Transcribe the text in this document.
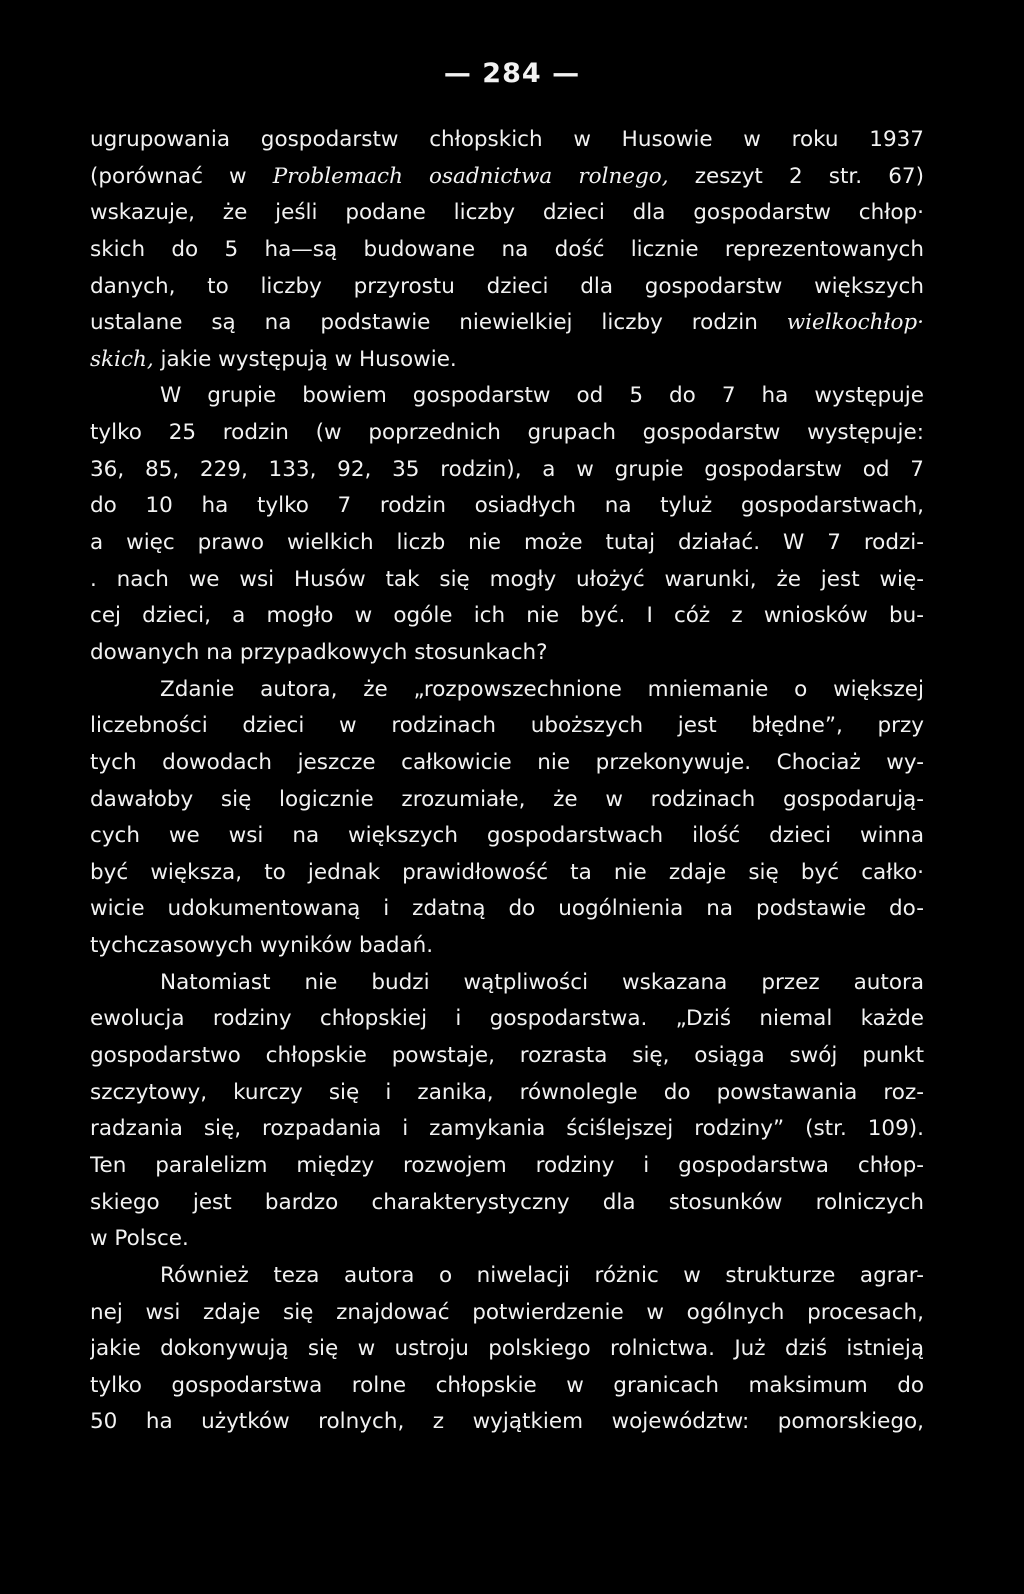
— 284 —
ugrupowania gospodarstw chłopskich w Husowie w roku 1937
(porównać w Problemach osadnictwa rolnego, zeszyt 2 str. 67)
wskazuje, że jeśli podane liczby dzieci dla gospodarstw chłop·
skich do 5 ha—są budowane na dość licznie reprezentowanych
danych, to liczby przyrostu dzieci dla gospodarstw większych
ustalane są na podstawie niewielkiej liczby rodzin wielkochłop·
skich, jakie występują w Husowie.
W grupie bowiem gospodarstw od 5 do 7 ha występuje
tylko 25 rodzin (w poprzednich grupach gospodarstw występuje:
36, 85, 229, 133, 92, 35 rodzin), a w grupie gospodarstw od 7
do 10 ha tylko 7 rodzin osiadłych na tyluż gospodarstwach,
a więc prawo wielkich liczb nie może tutaj działać. W 7 rodzi-
. nach we wsi Husów tak się mogły ułożyć warunki, że jest wię-
cej dzieci, a mogło w ogóle ich nie być. I cóż z wniosków bu-
dowanych na przypadkowych stosunkach?
Zdanie autora, że „rozpowszechnione mniemanie o większej
liczebności dzieci w rodzinach uboższych jest błędne”, przy
tych dowodach jeszcze całkowicie nie przekonywuje. Chociaż wy-
dawałoby się logicznie zrozumiałe, że w rodzinach gospodarują-
cych we wsi na większych gospodarstwach ilość dzieci winna
być większa, to jednak prawidłowość ta nie zdaje się być całko·
wicie udokumentowaną i zdatną do uogólnienia na podstawie do-
tychczasowych wyników badań.
Natomiast nie budzi wątpliwości wskazana przez autora
ewolucja rodziny chłopskiej i gospodarstwa. „Dziś niemal każde
gospodarstwo chłopskie powstaje, rozrasta się, osiąga swój punkt
szczytowy, kurczy się i zanika, równolegle do powstawania roz-
radzania się, rozpadania i zamykania ściślejszej rodziny” (str. 109).
Ten paralelizm między rozwojem rodziny i gospodarstwa chłop-
skiego jest bardzo charakterystyczny dla stosunków rolniczych
w Polsce.
Również teza autora o niwelacji różnic w strukturze agrar-
nej wsi zdaje się znajdować potwierdzenie w ogólnych procesach,
jakie dokonywują się w ustroju polskiego rolnictwa. Już dziś istnieją
tylko gospodarstwa rolne chłopskie w granicach maksimum do
50 ha użytków rolnych, z wyjątkiem województw: pomorskiego,
